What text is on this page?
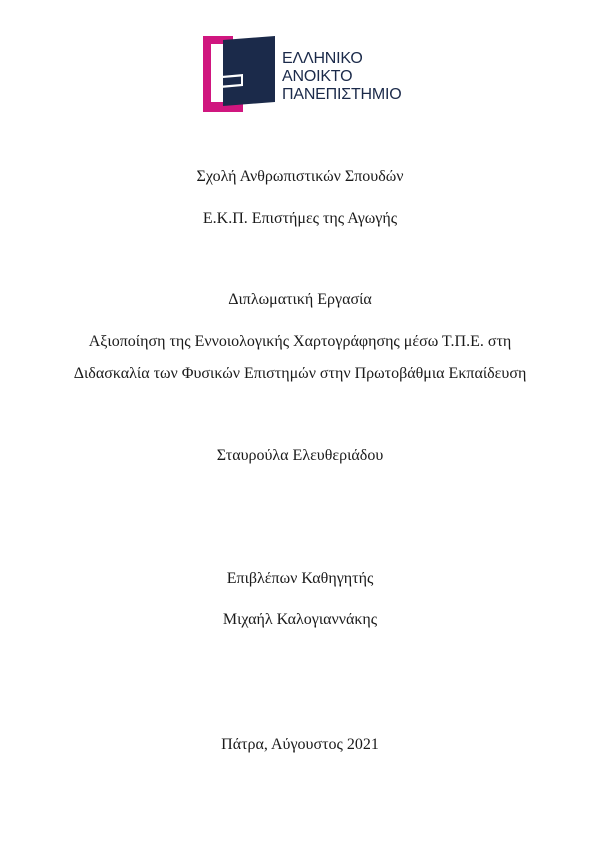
ΕΛΛΗΝΙΚΟ
ΑΝΟΙΚΤΟ
ΠΑΝΕΠΙΣΤΗΜΙΟ
Σχολή Ανθρωπιστικών Σπουδών
Ε.Κ.Π. Επιστήμες της Αγωγής
Διπλωματική Εργασία
Αξιοποίηση της Εννοιολογικής Χαρτογράφησης μέσω Τ.Π.Ε. στη
Διδασκαλία των Φυσικών Επιστημών στην Πρωτοβάθμια Εκπαίδευση
Σταυρούλα Ελευθεριάδου
Επιβλέπων Καθηγητής
Μιχαήλ Καλογιαννάκης
Πάτρα, Αύγουστος 2021
